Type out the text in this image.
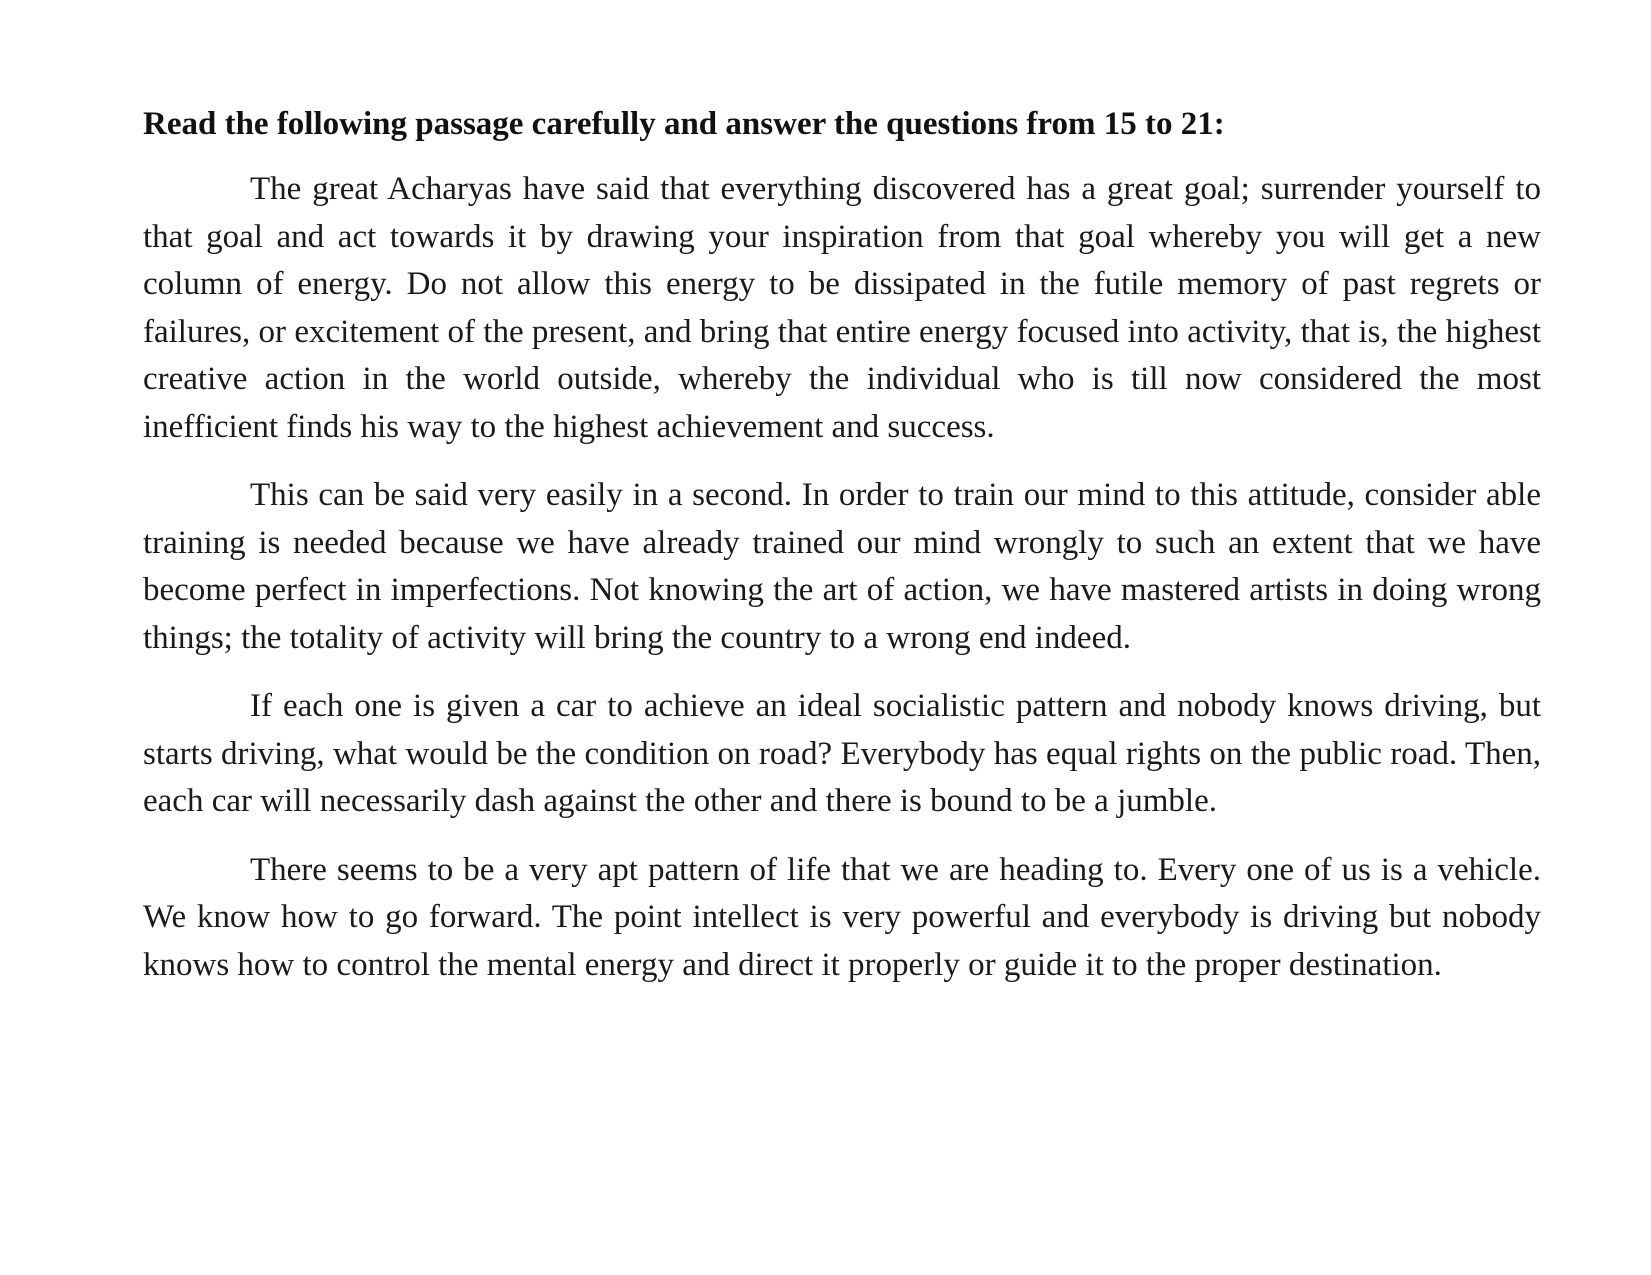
Read the following passage carefully and answer the questions from 15 to 21:

The great Acharyas have said that everything discovered has a great goal; surrender yourself to that goal and act towards it by drawing your inspiration from that goal whereby you will get a new column of energy. Do not allow this energy to be dissipated in the futile memory of past regrets or failures, or excitement of the present, and bring that entire energy focused into activity, that is, the highest creative action in the world outside, whereby the individual who is till now considered the most inefficient finds his way to the highest achievement and success.

This can be said very easily in a second. In order to train our mind to this attitude, consider able training is needed because we have already trained our mind wrongly to such an extent that we have become perfect in imperfections. Not knowing the art of action, we have mastered artists in doing wrong things; the totality of activity will bring the country to a wrong end indeed.

If each one is given a car to achieve an ideal socialistic pattern and nobody knows driving, but starts driving, what would be the condition on road? Everybody has equal rights on the public road. Then, each car will necessarily dash against the other and there is bound to be a jumble.

There seems to be a very apt pattern of life that we are heading to. Every one of us is a vehicle. We know how to go forward. The point intellect is very powerful and everybody is driving but nobody knows how to control the mental energy and direct it properly or guide it to the proper destination.
